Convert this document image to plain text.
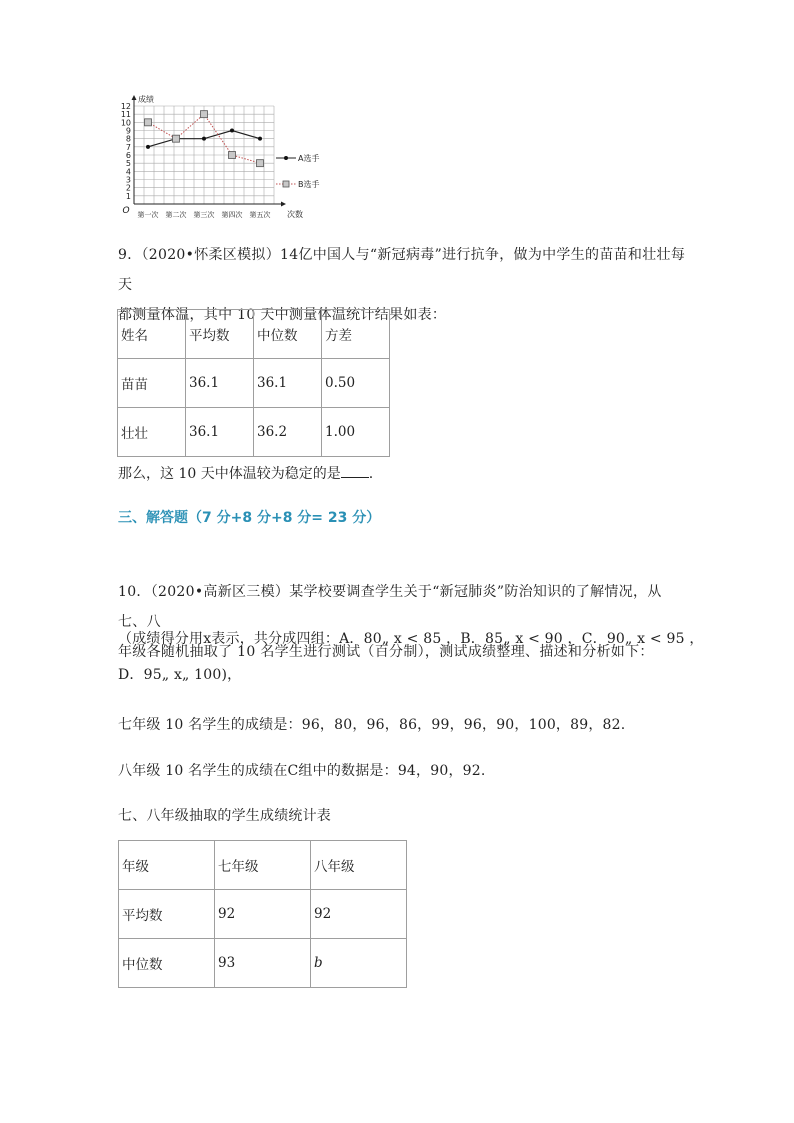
1
2
3
4
5
6
7
8
9
10
11
12
O
成绩
次数
第一次 第二次 第三次 第四次 第五次
A选手
B选手

9．（2020•怀柔区模拟）14亿中国人与“新冠病毒”进行抗争，做为中学生的苗苗和壮壮每天

都测量体温，其中 10 天中测量体温统计结果如表：

姓名	平均数	中位数	方差
苗苗	36.1	36.1	0.50
壮壮	36.1	36.2	1.00
那么，这 10 天中体温较为稳定的是 .
三、解答题（7 分+8 分+8 分= 23 分）

10．（2020•高新区三模）某学校要调查学生关于“新冠肺炎”防治知识的了解情况，从七、八

年级各随机抽取了 10 名学生进行测试（百分制），测试成绩整理、描述和分析如下：

（成绩得分用x表示，共分成四组：A．80„ x < 85 ，B．85„ x < 90 ，C．90„ x < 95 ，
D．95„ x„ 100)，
七年级 10 名学生的成绩是：96，80，96，86，99，96，90，100，89，82.
八年级 10 名学生的成绩在C组中的数据是：94，90，92.
七、八年级抽取的学生成绩统计表
年级	七年级	八年级
平均数	92	92
中位数	93	b
